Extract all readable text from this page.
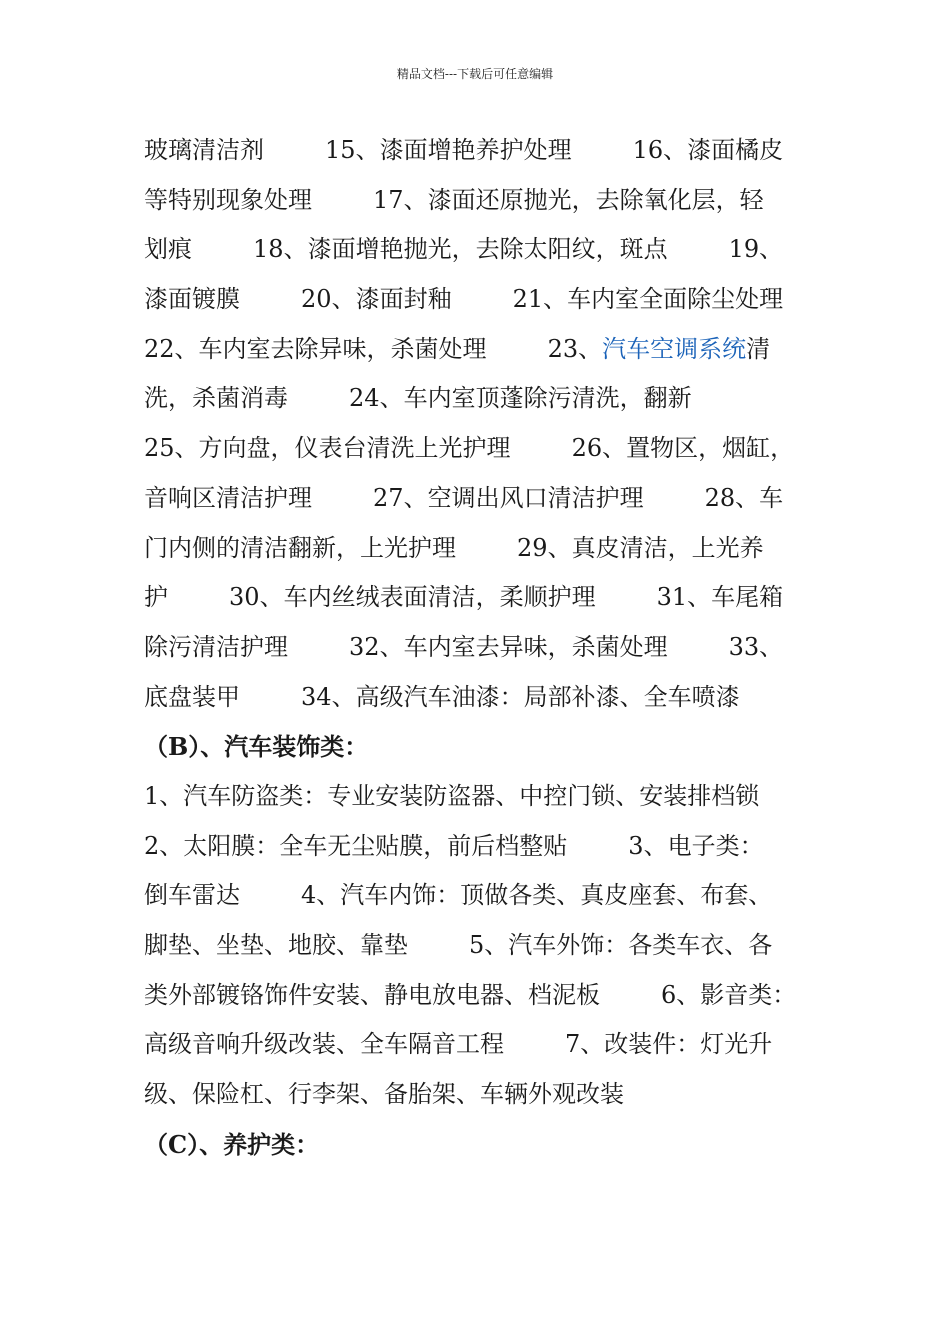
精品文档---下载后可任意编辑
玻璃清洁剂        15、漆面增艳养护处理        16、漆面橘皮
等特别现象处理        17、漆面还原抛光，去除氧化层，轻
划痕        18、漆面增艳抛光，去除太阳纹，斑点        19、
漆面镀膜        20、漆面封釉        21、车内室全面除尘处理
22、车内室去除异味，杀菌处理        23、汽车空调系统清
洗，杀菌消毒        24、车内室顶蓬除污清洗，翻新
25、方向盘，仪表台清洗上光护理        26、置物区，烟缸，
音响区清洁护理        27、空调出风口清洁护理        28、车
门内侧的清洁翻新，上光护理        29、真皮清洁，上光养
护        30、车内丝绒表面清洁，柔顺护理        31、车尾箱
除污清洁护理        32、车内室去异味，杀菌处理        33、
底盘装甲        34、高级汽车油漆：局部补漆、全车喷漆
（B）、汽车装饰类：
1、汽车防盗类：专业安装防盗器、中控门锁、安装排档锁
2、太阳膜：全车无尘贴膜，前后档整贴        3、电子类：
倒车雷达        4、汽车内饰：顶做各类、真皮座套、布套、
脚垫、坐垫、地胶、靠垫        5、汽车外饰：各类车衣、各
类外部镀铬饰件安装、静电放电器、档泥板        6、影音类：
高级音响升级改装、全车隔音工程        7、改装件：灯光升
级、保险杠、行李架、备胎架、车辆外观改装
（C）、养护类：
